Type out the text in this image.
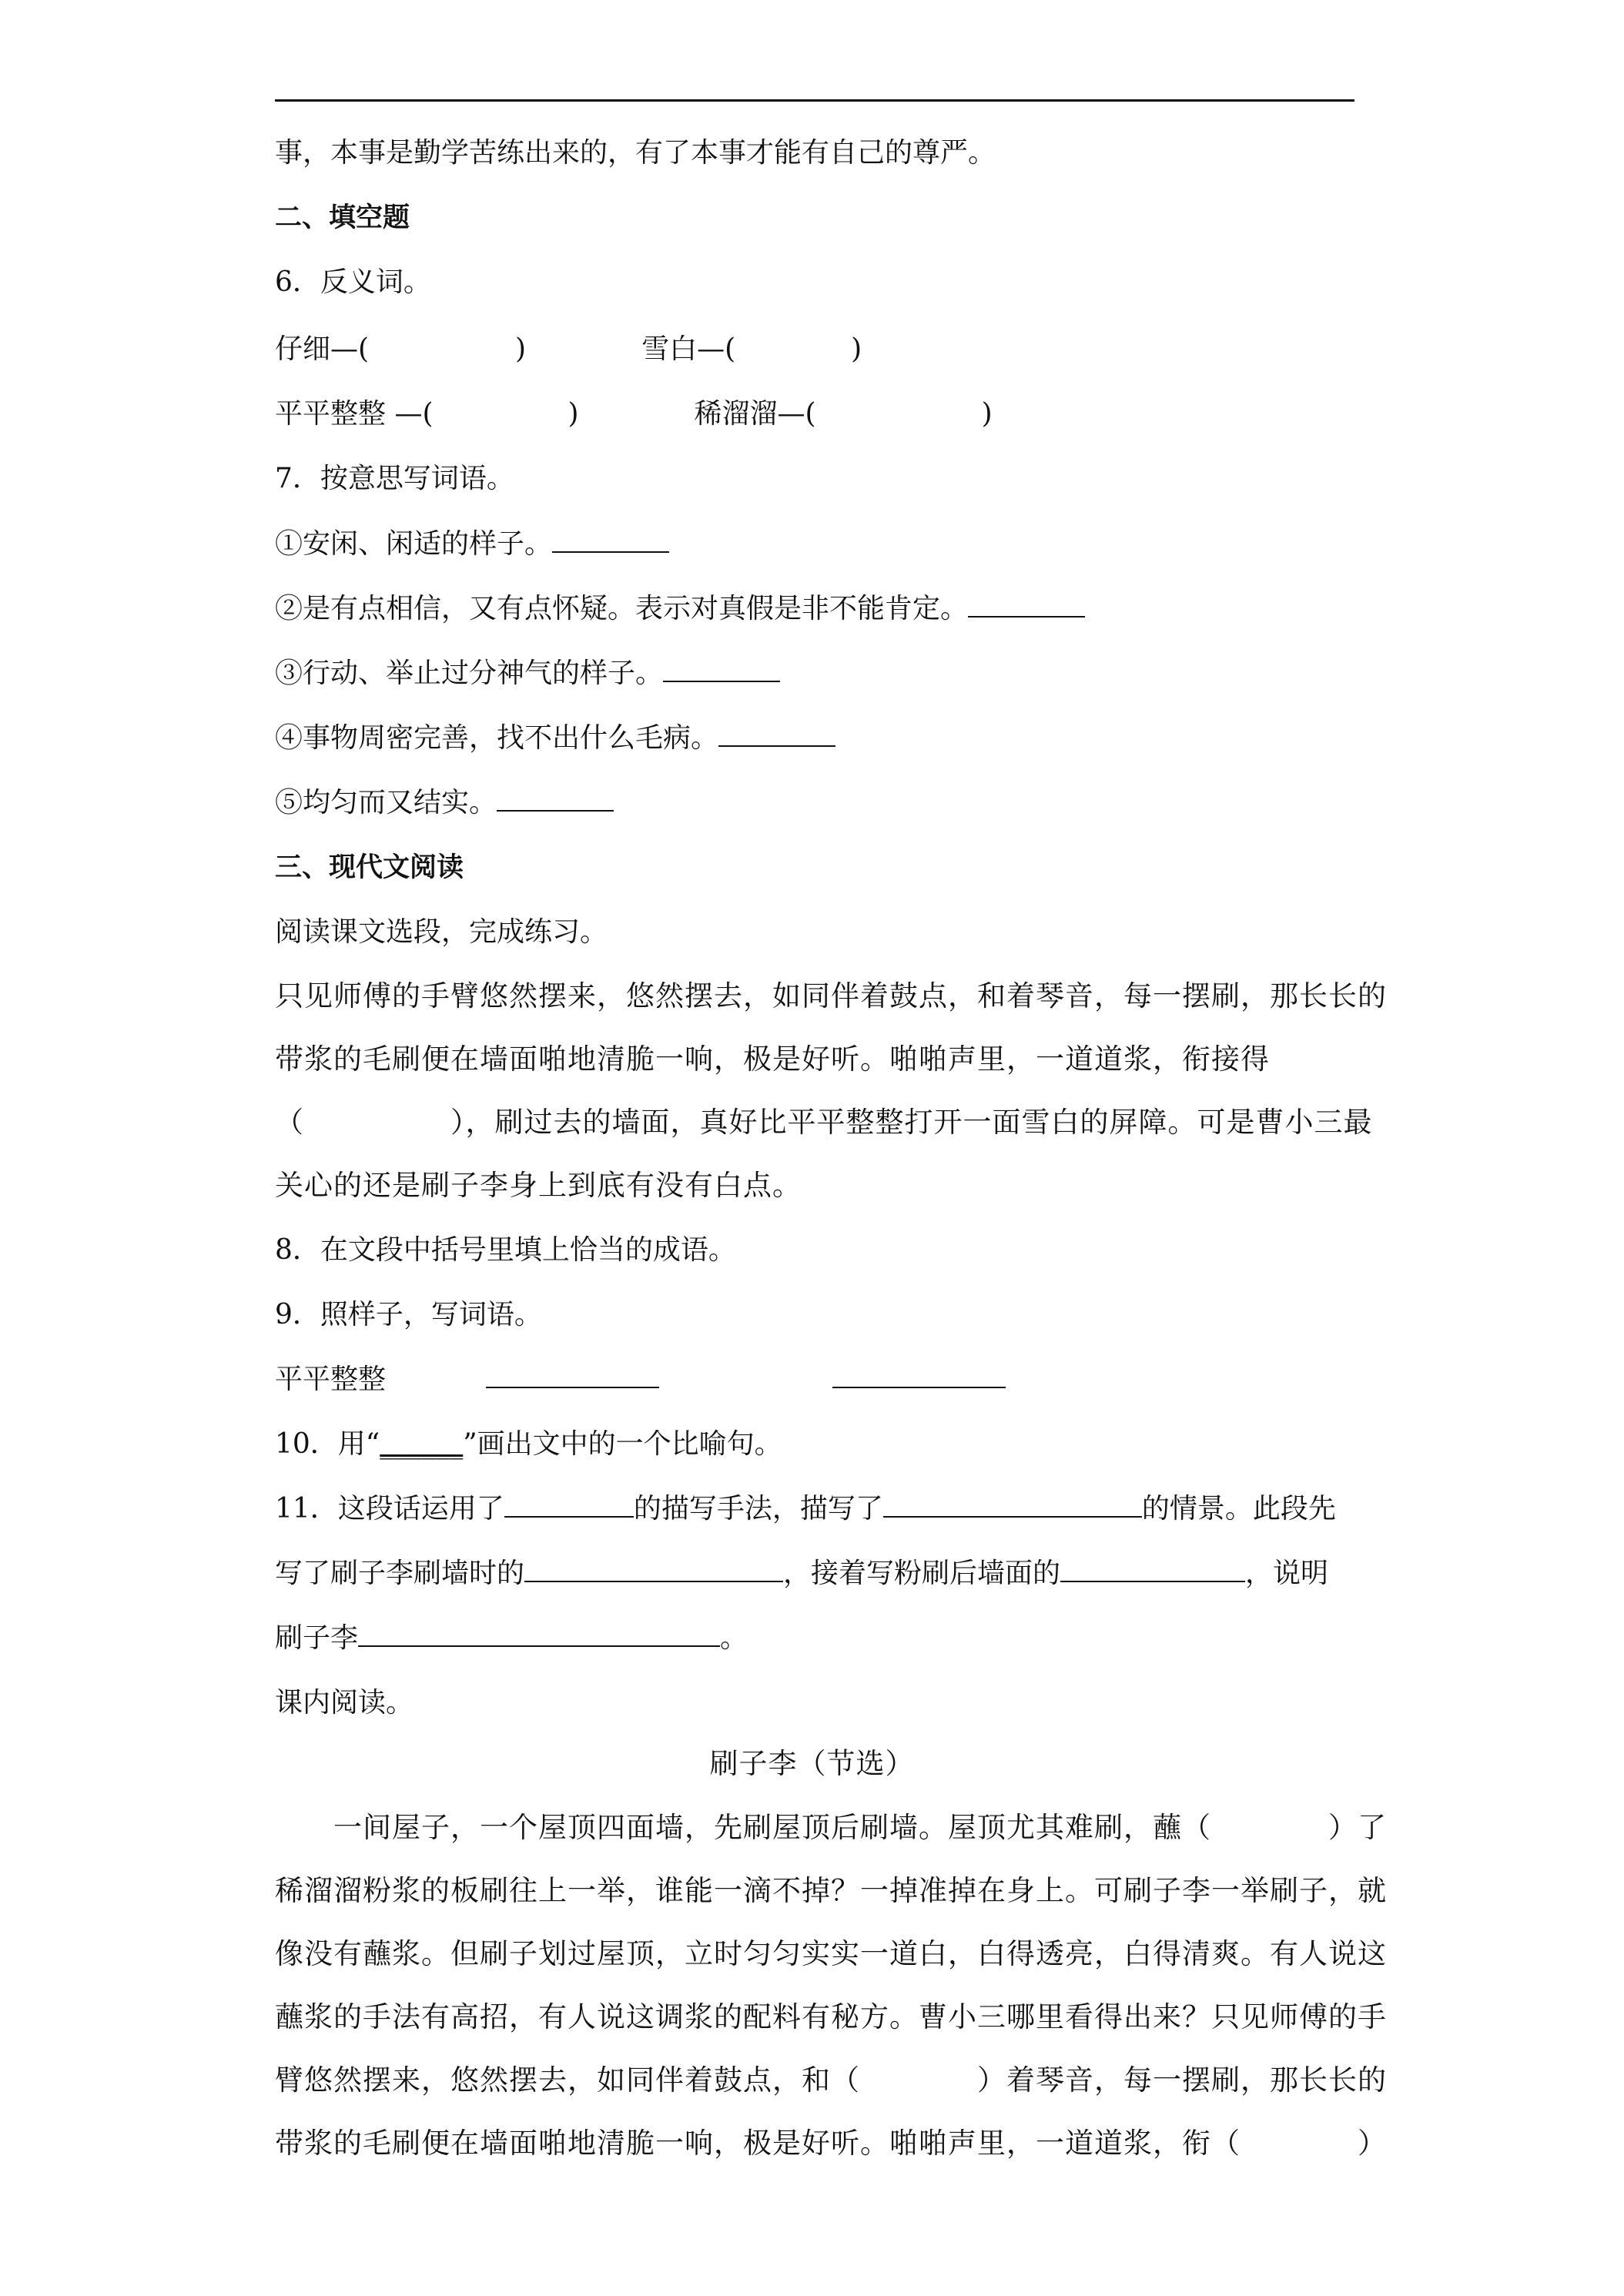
事，本事是勤学苦练出来的，有了本事才能有自己的尊严。
二、填空题
6．反义词。
仔细—(	)	雪白—(	)
平平整整 —(	)	稀溜溜—(	)
7．按意思写词语。
①安闲、闲适的样子。
②是有点相信，又有点怀疑。表示对真假是非不能肯定。
③行动、举止过分神气的样子。
④事物周密完善，找不出什么毛病。
⑤均匀而又结实。
三、现代文阅读
阅读课文选段，完成练习。
只见师傅的手臂悠然摆来，悠然摆去，如同伴着鼓点，和着琴音，每一摆刷，那长长的
带浆的毛刷便在墙面啪地清脆一响，极是好听。啪啪声里，一道道浆，衔接得
（　　　　　），刷过去的墙面，真好比平平整整打开一面雪白的屏障。可是曹小三最
关心的还是刷子李身上到底有没有白点。
8．在文段中括号里填上恰当的成语。
9．照样子，写词语。
平平整整
10．用“______”画出文中的一个比喻句。
11．这段话运用了	的描写手法，描写了	的情景。此段先
写了刷子李刷墙时的	，接着写粉刷后墙面的	，说明
刷子李	。
课内阅读。
刷子李（节选）
　　一间屋子，一个屋顶四面墙，先刷屋顶后刷墙。屋顶尤其难刷，蘸（　　　　）了
稀溜溜粉浆的板刷往上一举，谁能一滴不掉？一掉准掉在身上。可刷子李一举刷子，就
像没有蘸浆。但刷子划过屋顶，立时匀匀实实一道白，白得透亮，白得清爽。有人说这
蘸浆的手法有高招，有人说这调浆的配料有秘方。曹小三哪里看得出来？只见师傅的手
臂悠然摆来，悠然摆去，如同伴着鼓点，和（　　　　）着琴音，每一摆刷，那长长的
带浆的毛刷便在墙面啪地清脆一响，极是好听。啪啪声里，一道道浆，衔（　　　　）
